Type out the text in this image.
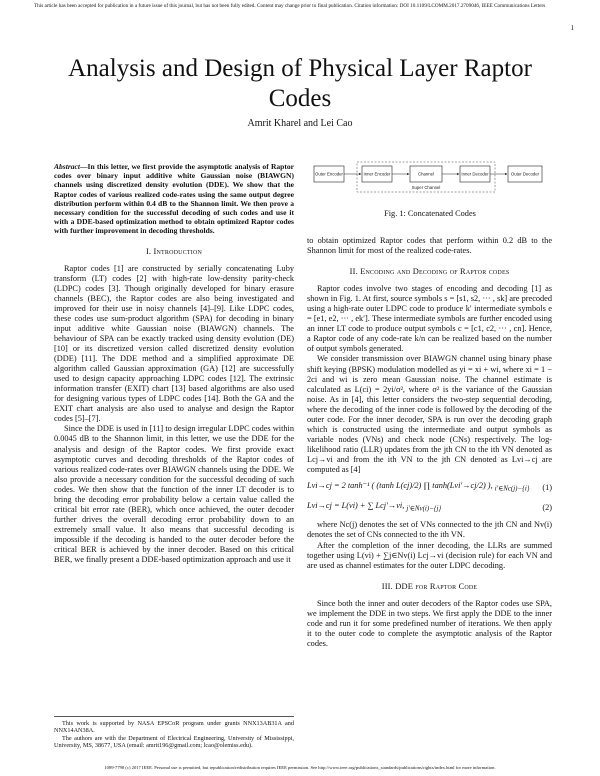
This article has been accepted for publication in a future issue of this journal, but has not been fully edited. Content may change prior to final publication. Citation information: DOI 10.1109/LCOMM.2017.2709046, IEEE Communications Letters
1
Analysis and Design of Physical Layer Raptor Codes
Amrit Kharel and Lei Cao
Abstract—In this letter, we first provide the asymptotic analysis of Raptor codes over binary input additive white Gaussian noise (BIAWGN) channels using discretized density evolution (DDE). We show that the Raptor codes of various realized code-rates using the same output degree distribution perform within 0.4 dB to the Shannon limit. We then prove a necessary condition for the successful decoding of such codes and use it with a DDE-based optimization method to obtain optimized Raptor codes with further improvement in decoding thresholds.
I. Introduction

Raptor codes [1] are constructed by serially concatenating Luby transform (LT) codes [2] with high-rate low-density parity-check (LDPC) codes [3]. Though originally developed for binary erasure channels (BEC), the Raptor codes are also being investigated and improved for their use in noisy channels [4]–[9]. Like LDPC codes, these codes use sum-product algorithm (SPA) for decoding in binary input additive white Gaussian noise (BIAWGN) channels. The behaviour of SPA can be exactly tracked using density evolution (DE) [10] or its discretized version called discretized density evolution (DDE) [11]. The DDE method and a simplified approximate DE algorithm called Gaussian approximation (GA) [12] are successfully used to design capacity approaching LDPC codes [12]. The extrinsic information transfer (EXIT) chart [13] based algorithms are also used for designing various types of LDPC codes [14]. Both the GA and the EXIT chart analysis are also used to analyse and design the Raptor codes [5]–[7].

Since the DDE is used in [11] to design irregular LDPC codes within 0.0045 dB to the Shannon limit, in this letter, we use the DDE for the analysis and design of the Raptor codes. We first provide exact asymptotic curves and decoding thresholds of the Raptor codes of various realized code-rates over BIAWGN channels using the DDE. We also provide a necessary condition for the successful decoding of such codes. We then show that the function of the inner LT decoder is to bring the decoding error probability below a certain value called the critical bit error rate (BER), which once achieved, the outer decoder further drives the overall decoding error probability down to an extremely small value. It also means that successful decoding is impossible if the decoding is handed to the outer decoder before the critical BER is achieved by the inner decoder. Based on this critical BER, we finally present a DDE-based optimization approach and use it

This work is supported by NASA EPSCoR program under grants NNX13AB31A and NNX14AN38A.

The authors are with the Department of Electrical Engineering, University of Mississippi, University, MS, 38677, USA (email: amrit196@gmail.com; lcao@olemiss.edu).

Outer Encoder	Inner Encoder	Channel	Inner Decoder	Outer Decoder
Super Channel
Fig. 1: Concatenated Codes
to obtain optimized Raptor codes that perform within 0.2 dB to the Shannon limit for most of the realized code-rates.
II. Encoding and Decoding of Raptor codes

Raptor codes involve two stages of encoding and decoding [1] as shown in Fig. 1. At first, source symbols s = [s1, s2, ··· , sk] are precoded using a high-rate outer LDPC code to produce k′ intermediate symbols e = [e1, e2, ··· , ek′]. These intermediate symbols are further encoded using an inner LT code to produce output symbols c = [c1, c2, ··· , cn]. Hence, a Raptor code of any code-rate k/n can be realized based on the number of output symbols generated.

We consider transmission over BIAWGN channel using binary phase shift keying (BPSK) modulation modelled as yi = xi + wi, where xi = 1 − 2ci and wi is zero mean Gaussian noise. The channel estimate is calculated as L(ci) = 2yi/σ², where σ² is the variance of the Gaussian noise. As in [4], this letter considers the two-step sequential decoding, where the decoding of the inner code is followed by the decoding of the outer code. For the inner decoder, SPA is run over the decoding graph which is constructed using the intermediate and output symbols as variable nodes (VNs) and check node (CNs) respectively. The log-likelihood ratio (LLR) updates from the jth CN to the ith VN denoted as Lcj→vi and from the ith VN to the jth CN denoted as Lvi→cj are computed as [4]

Lvi→cj = 2 tanh⁻¹ ( (tanh L(cj)/2) ∏ tanh(Lvi′→cj/2) ), $_{i'\in Nc(j)-\{i\}}$ (1)
Lvi→cj = L(vi) + ∑ Lcj′→vi, $_{j'\in Nv(i)-\{j\}}$	(2)

where Nc(j) denotes the set of VNs connected to the jth CN and Nv(i) denotes the set of CNs connected to the ith VN.

After the completion of the inner decoding, the LLRs are summed together using L(vi) + ∑j∈Nv(i) Lcj→vi (decision rule) for each VN and are used as channel estimates for the outer LDPC decoding.

III. DDE for Raptor Code

Since both the inner and outer decoders of the Raptor codes use SPA, we implement the DDE in two steps. We first apply the DDE to the inner code and run it for some predefined number of iterations. We then apply it to the outer code to complete the asymptotic analysis of the Raptor codes.

1089-7798 (c) 2017 IEEE. Personal use is permitted, but republication/redistribution requires IEEE permission. See http://www.ieee.org/publications_standards/publications/rights/index.html for more information.
